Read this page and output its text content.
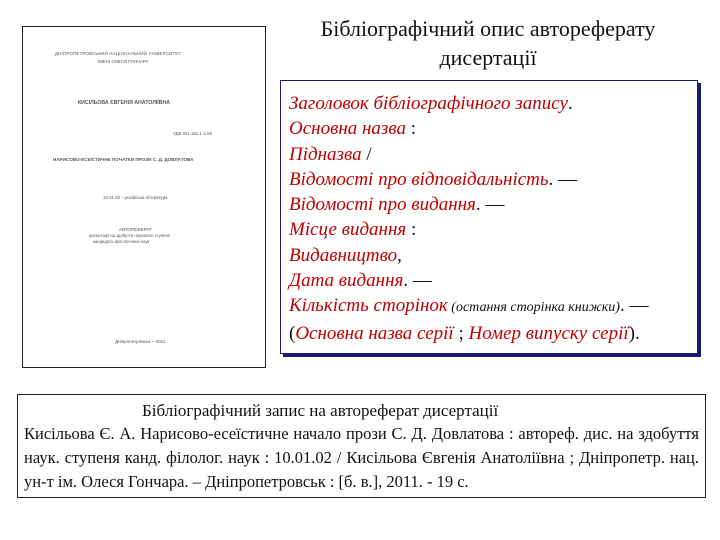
ДНІПРОПЕТРОВСЬКИЙ НАЦІОНАЛЬНИЙ УНІВЕРСИТЕТ
ІМЕНІ ОЛЕСЯ ГОНЧАРА
КИСІЛЬОВА ЄВГЕНІЯ АНАТОЛІЇВНА
УДК 821.161.1-4.09
НАРИСОВО-ЕСЕЇСТИЧНЕ ПОЧАТКИ ПРОЗИ С. Д. ДОВЛАТОВА
10.01.02 – російська література
АВТОРЕФЕРАТ
дисертації на здобуття наукового ступеня
кандидата філологічних наук
Дніпропетровськ – 2011
Бібліографічний опис автореферату
дисертації
Заголовок бібліографічного запису.
Основна назва :
Підназва /
Відомості про відповідальність. —
Відомості про видання. —
Місце видання :
Видавництво,
Дата видання. —
Кількість сторінок (остання сторінка книжки). —
(Основна назва серії ; Номер випуску серії).
Бібліографічний запис на автореферат дисертації
Кисільова Є. А. Нарисово-есеїстичне начало прози С. Д. Довлатова : автореф. дис. на здобуття наук. ступеня канд. філолог. наук : 10.01.02 / Кисільова Євгенія Анатоліївна ; Дніпропетр. нац. ун-т ім. Олеся Гончара. – Дніпропетровськ : [б. в.], 2011. - 19 с.
